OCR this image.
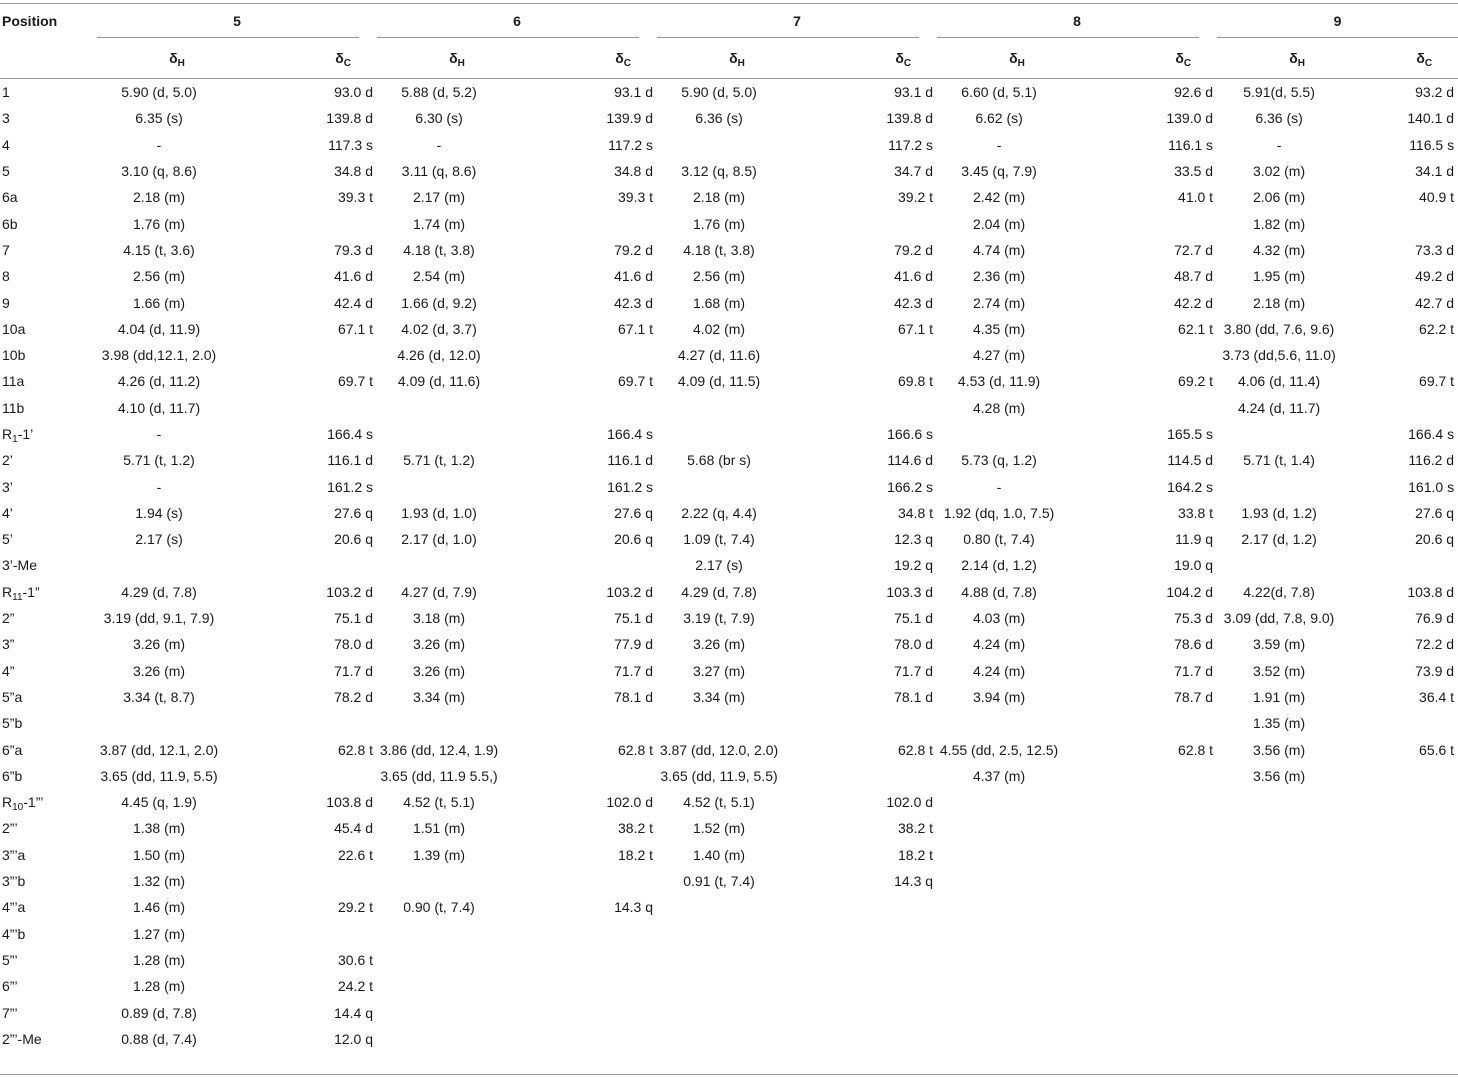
Position	5		6		7		8		9	

	$\delta_H$	$\delta_C$	$\delta_H$	$\delta_C$	$\delta_H$	$\delta_C$	$\delta_H$	$\delta_C$	$\delta_H$	$\delta_C$
1	5.90 (d, 5.0)	93.0 d	5.88 (d, 5.2)	93.1 d	5.90 (d, 5.0)	93.1 d	6.60 (d, 5.1)	92.6 d	5.91(d, 5.5)	93.2 d
3	6.35 (s)	139.8 d	6.30 (s)	139.9 d	6.36 (s)	139.8 d	6.62 (s)	139.0 d	6.36 (s)	140.1 d
4	-	117.3 s	-	117.2 s		117.2 s	-	116.1 s	-	116.5 s
5	3.10 (q, 8.6)	34.8 d	3.11 (q, 8.6)	34.8 d	3.12 (q, 8.5)	34.7 d	3.45 (q, 7.9)	33.5 d	3.02 (m)	34.1 d
6a	2.18 (m)	39.3 t	2.17 (m)	39.3 t	2.18 (m)	39.2 t	2.42 (m)	41.0 t	2.06 (m)	40.9 t
6b	1.76 (m)		1.74 (m)		1.76 (m)		2.04 (m)		1.82 (m)	
7	4.15 (t, 3.6)	79.3 d	4.18 (t, 3.8)	79.2 d	4.18 (t, 3.8)	79.2 d	4.74 (m)	72.7 d	4.32 (m)	73.3 d
8	2.56 (m)	41.6 d	2.54 (m)	41.6 d	2.56 (m)	41.6 d	2.36 (m)	48.7 d	1.95 (m)	49.2 d
9	1.66 (m)	42.4 d	1.66 (d, 9.2)	42.3 d	1.68 (m)	42.3 d	2.74 (m)	42.2 d	2.18 (m)	42.7 d
10a	4.04 (d, 11.9)	67.1 t	4.02 (d, 3.7)	67.1 t	4.02 (m)	67.1 t	4.35 (m)	62.1 t	3.80 (dd, 7.6, 9.6)	62.2 t
10b	3.98 (dd,12.1, 2.0)		4.26 (d, 12.0)		4.27 (d, 11.6)		4.27 (m)		3.73 (dd,5.6, 11.0)	
11a	4.26 (d, 11.2)	69.7 t	4.09 (d, 11.6)	69.7 t	4.09 (d, 11.5)	69.8 t	4.53 (d, 11.9)	69.2 t	4.06 (d, 11.4)	69.7 t
11b	4.10 (d, 11.7)						4.28 (m)		4.24 (d, 11.7)	
$R_1-1$’	-	166.4 s		166.4 s		166.6 s		165.5 s		166.4 s
2’	5.71 (t, 1.2)	116.1 d	5.71 (t, 1.2)	116.1 d	5.68 (br s)	114.6 d	5.73 (q, 1.2)	114.5 d	5.71 (t, 1.4)	116.2 d
3’	-	161.2 s		161.2 s		166.2 s	-	164.2 s		161.0 s
4’	1.94 (s)	27.6 q	1.93 (d, 1.0)	27.6 q	2.22 (q, 4.4)	34.8 t	1.92 (dq, 1.0, 7.5)	33.8 t	1.93 (d, 1.2)	27.6 q
5’	2.17 (s)	20.6 q	2.17 (d, 1.0)	20.6 q	1.09 (t, 7.4)	12.3 q	0.80 (t, 7.4)	11.9 q	2.17 (d, 1.2)	20.6 q
3’-Me					2.17 (s)	19.2 q	2.14 (d, 1.2)	19.0 q		
$R_{11}-1$”	4.29 (d, 7.8)	103.2 d	4.27 (d, 7.9)	103.2 d	4.29 (d, 7.8)	103.3 d	4.88 (d, 7.8)	104.2 d	4.22(d, 7.8)	103.8 d
2”	3.19 (dd, 9.1, 7.9)	75.1 d	3.18 (m)	75.1 d	3.19 (t, 7.9)	75.1 d	4.03 (m)	75.3 d	3.09 (dd, 7.8, 9.0)	76.9 d
3”	3.26 (m)	78.0 d	3.26 (m)	77.9 d	3.26 (m)	78.0 d	4.24 (m)	78.6 d	3.59 (m)	72.2 d
4”	3.26 (m)	71.7 d	3.26 (m)	71.7 d	3.27 (m)	71.7 d	4.24 (m)	71.7 d	3.52 (m)	73.9 d
5”a	3.34 (t, 8.7)	78.2 d	3.34 (m)	78.1 d	3.34 (m)	78.1 d	3.94 (m)	78.7 d	1.91 (m)	36.4 t
5”b									1.35 (m)	
6”a	3.87 (dd, 12.1, 2.0)	62.8 t	3.86 (dd, 12.4, 1.9)	62.8 t	3.87 (dd, 12.0, 2.0)	62.8 t	4.55 (dd, 2.5, 12.5)	62.8 t	3.56 (m)	65.6 t
6”b	3.65 (dd, 11.9, 5.5)		3.65 (dd, 11.9 5.5,)		3.65 (dd, 11.9, 5.5)		4.37 (m)		3.56 (m)	
$R_{10}-1$”’	4.45 (q, 1.9)	103.8 d	4.52 (t, 5.1)	102.0 d	4.52 (t, 5.1)	102.0 d				
2”’	1.38 (m)	45.4 d	1.51 (m)	38.2 t	1.52 (m)	38.2 t				
3”’a	1.50 (m)	22.6 t	1.39 (m)	18.2 t	1.40 (m)	18.2 t				
3”’b	1.32 (m)				0.91 (t, 7.4)	14.3 q				
4”’a	1.46 (m)	29.2 t	0.90 (t, 7.4)	14.3 q						
4”’b	1.27 (m)									
5”’	1.28 (m)	30.6 t								
6”’	1.28 (m)	24.2 t								
7”’	0.89 (d, 7.8)	14.4 q								
2”’-Me	0.88 (d, 7.4)	12.0 q								
